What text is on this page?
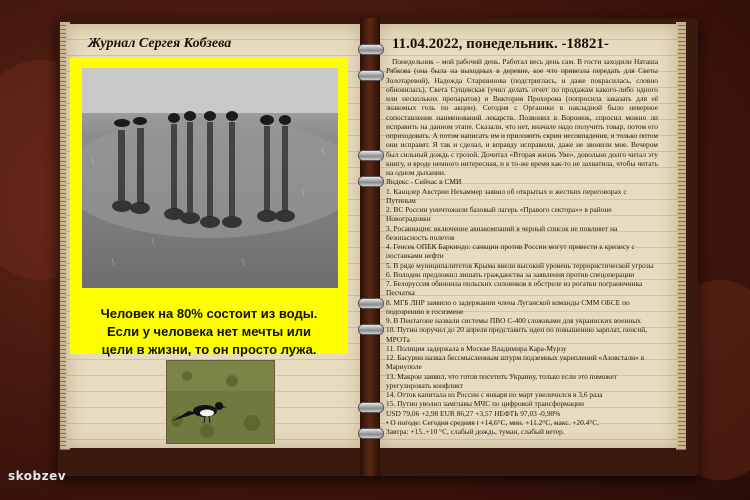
Журнал Сергея Кобзева
Человек на 80% состоит из воды.
Если у человека нет мечты или
цели в жизни, то он просто лужа.
11.04.2022, понедельник. -18821-

Понедельник – мой рабочий день. Работал весь день сам. В гости заходили Наташа Рябкова (она была на выходных в деревне, кое что привезла передать для Светы Золотаревой), Надежда Старшинова (подстриглась, и даже покрасилась, словно обновилась), Света Сущевская (учил делать отчет по продажам какого-либо одного или нескольких препаратов) и Виктория Прохорова (попросила заказать для её знакомых гель по акции). Сегодня с Органики в накладной было неверное сопоставление наименований лекарств. Позвонил в Воронеж, спросил можно ли исправить на данном этапе. Сказали, что нет, вначале надо получить товар, потом его оприходовать. А потом написать им и приложить скрин несовпадения, и только потом они исправят. Я так и сделал, и вправду исправили, даже не звонили мне. Вечером был сильный дождь с грозой. Дочитал «Вторая жизнь Уве», довольно долго читал эту книгу, и вроде немного интересная, и в то-же время как-то не захватила, чтобы читать на одном дыхании.

Яндекс - Сейчас в СМИ
1. Канцлер Австрии Нехаммер заявил об открытых и жестких переговорах с Путиным
2. ВС России уничтожили базовый лагерь «Правого сектора»» в районе Новоградовки
3. Росавиация: включение авиакомпаний в черный список не повлияет на безопасность полетов
4. Генсек ОПЕК Баркиндо: санкции против России могут привести к кризису с поставками нефти
5. В ряде муниципалитетов Крыма ввели высокий уровень террористической угрозы
6. Володин предложил лишать гражданства за заявления против спецоперации
7. Белоруссия обвинила польских силовиков в обстреле из рогатки пограничника Песчатка
8. МГБ ЛНР заявило о задержании члена Луганской команды СММ ОБСЕ по подозрению в госизмене
9. В Пентагоне назвали системы ПВО С-400 сложными для украинских военных
10. Путин поручил до 20 апреля представить идеи по повышению зарплат, пенсий, МРОТа
11. Полиция задержала в Москве Владимира Кара-Мурзу
12. Басурин назвал бессмысленным штурм подземных укреплений «Азовстали» в Мариуполе
13. Макрон заявил, что готов посетить Украину, только если это поможет урегулировать конфликт
14. Отток капитала из России с января по март увеличился в 3,6 раза
15. Путин уволил замглавы МЧС по цифровой трансформации
USD 79,06 +2,98 EUR 86,27 +3,57 НЕФТЬ 97,03 -0,98%
• О погоде: Сегодня средняя t +14,6°C, мин. +11.2°C, макс. +20.4°C.
Завтра: +15..+10 °C, слабый дождь, туман, слабый ветер.
skobzev
